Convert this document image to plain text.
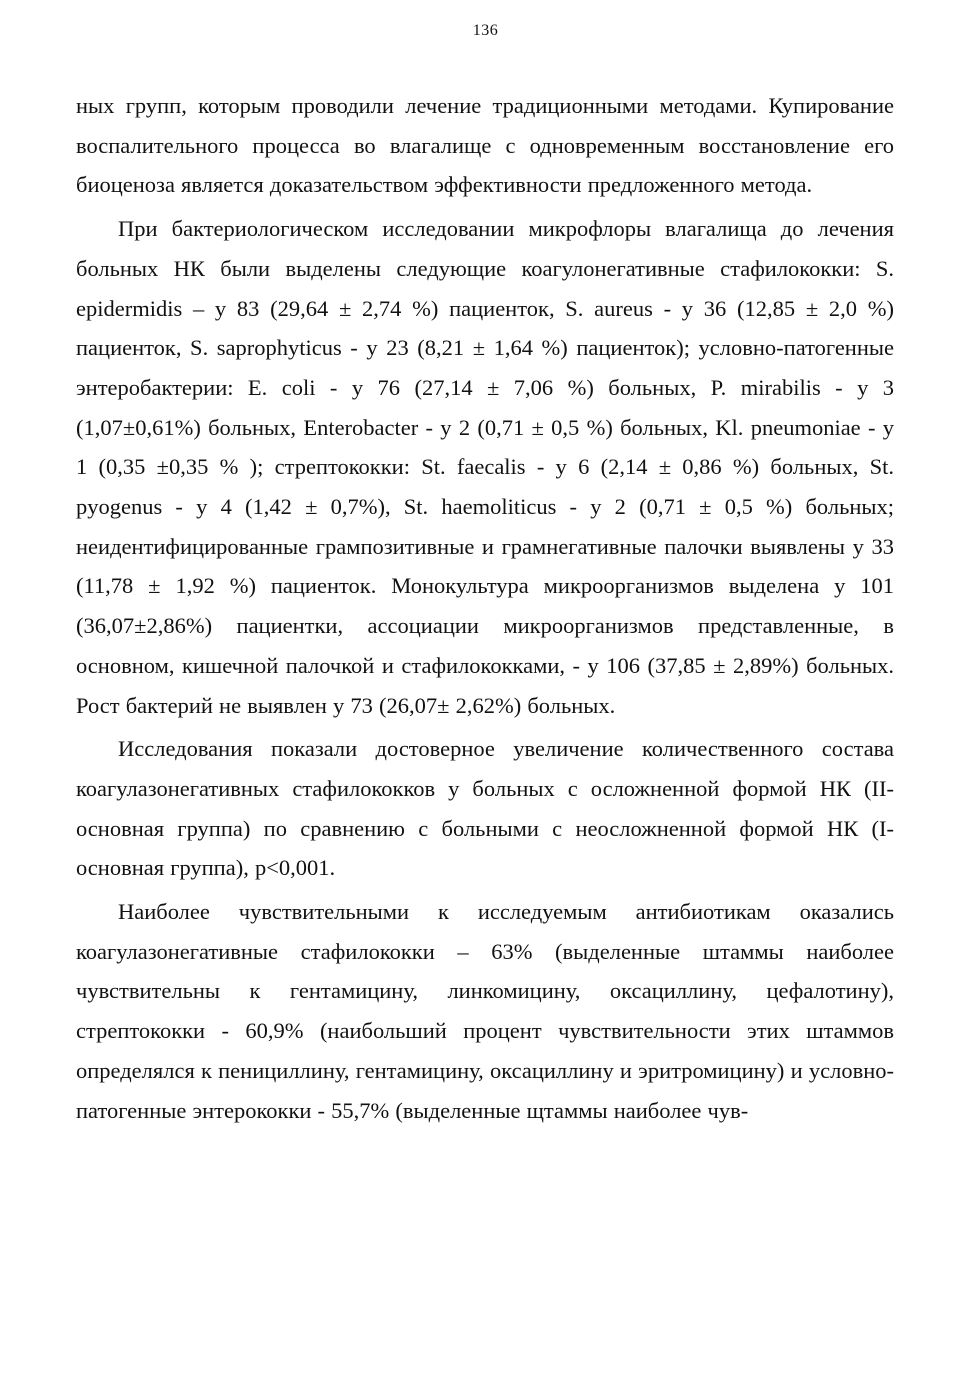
136

ных групп, которым проводили лечение традиционными методами. Купирование воспалительного процесса во влагалище с одновременным восстановление его биоценоза является доказательством эффективности предложенного метода.

При бактериологическом исследовании микрофлоры влагалища до лечения больных НК были выделены следующие коагулонегативные стафилококки: S. epidermidis – у 83 (29,64 ± 2,74 %) пациенток, S. aureus - у 36 (12,85 ± 2,0 %) пациенток, S. saprophyticus - у 23 (8,21 ± 1,64 %) пациенток); условно-патогенные энтеробактерии: E. coli - у 76 (27,14 ± 7,06 %) больных, P. mirabilis - у 3 (1,07±0,61%) больных, Enterobacter - у 2 (0,71 ± 0,5 %) больных, Kl. pneumoniae - у 1 (0,35 ±0,35 % ); стрептококки: St. faecalis - у 6 (2,14 ± 0,86 %) больных, St. pyogenus - у 4 (1,42 ± 0,7%), St. haemoliticus - у 2 (0,71 ± 0,5 %) больных; неидентифицированные грампозитивные и грамнегативные палочки выявлены у 33 (11,78 ± 1,92 %) пациенток. Монокультура микроорганизмов выделена у 101 (36,07±2,86%) пациентки, ассоциации микроорганизмов представленные, в основном, кишечной палочкой и стафилококками, - у 106 (37,85 ± 2,89%) больных. Рост бактерий не выявлен у 73 (26,07± 2,62%) больных.

Исследования показали достоверное увеличение количественного состава коагулазонегативных стафилококков у больных с осложненной формой НК (II- основная группа) по сравнению с больными с неосложненной формой НК (I- основная группа), p<0,001.

Наиболее чувствительными к исследуемым антибиотикам оказались коагулазонегативные стафилококки – 63% (выделенные штаммы наиболее чувствительны к гентамицину, линкомицину, оксациллину, цефалотину), стрептококки - 60,9% (наибольший процент чувствительности этих штаммов определялся к пенициллину, гентамицину, оксациллину и эритромицину) и условно-патогенные энтерококки - 55,7% (выделенные щтаммы наиболее чув-
